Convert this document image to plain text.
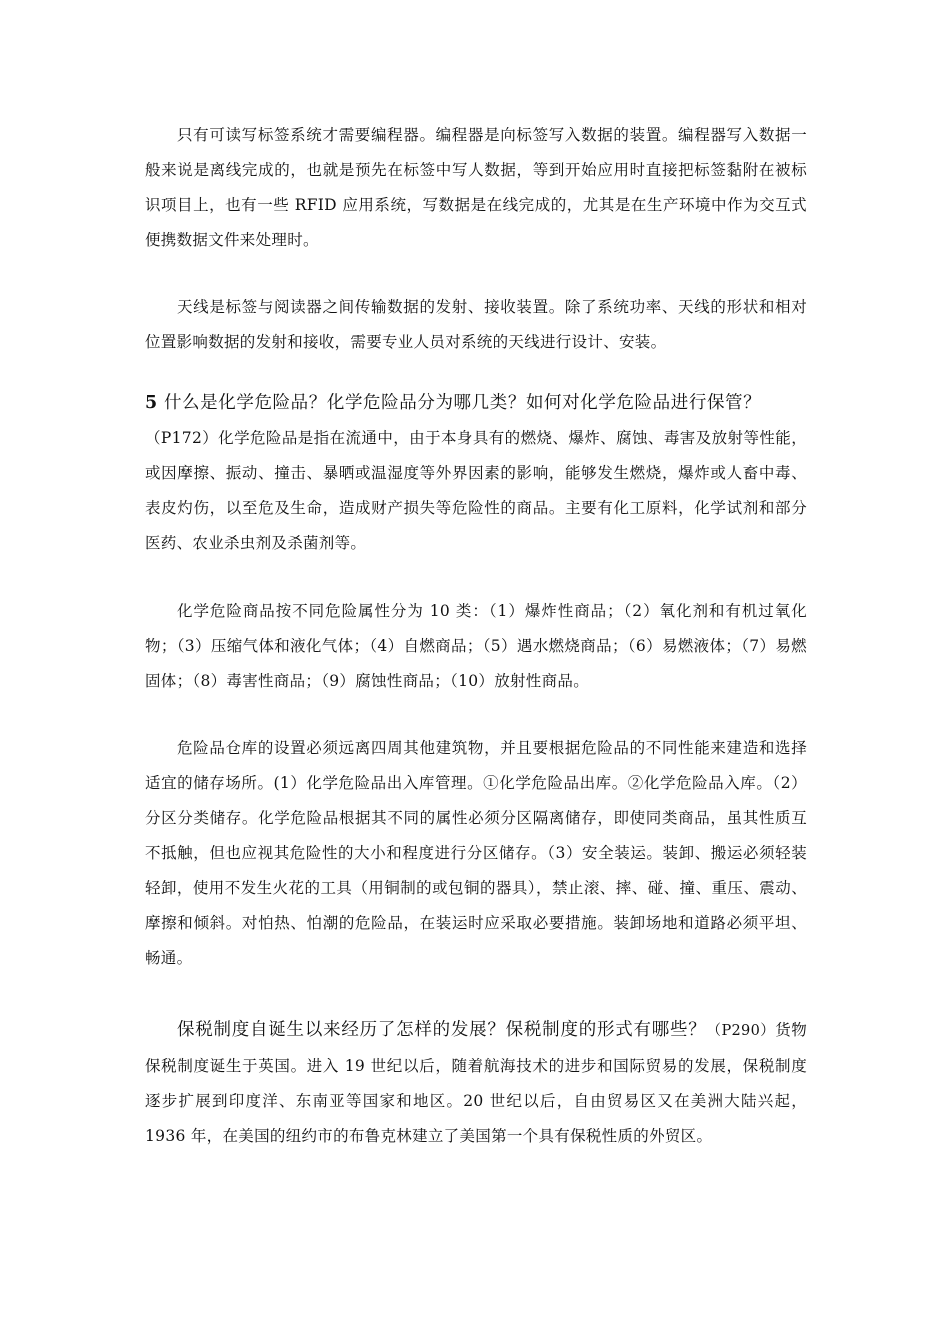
只有可读写标签系统才需要编程器。编程器是向标签写入数据的装置。编程器写入数据一般来说是离线完成的，也就是预先在标签中写人数据，等到开始应用时直接把标签黏附在被标识项目上，也有一些 RFID 应用系统，写数据是在线完成的，尤其是在生产环境中作为交互式便携数据文件来处理时。

天线是标签与阅读器之间传输数据的发射、接收装置。除了系统功率、天线的形状和相对位置影响数据的发射和接收，需要专业人员对系统的天线进行设计、安装。

5 什么是化学危险品？化学危险品分为哪几类？如何对化学危险品进行保管？
（P172）化学危险品是指在流通中，由于本身具有的燃烧、爆炸、腐蚀、毒害及放射等性能，或因摩擦、振动、撞击、暴晒或温湿度等外界因素的影响，能够发生燃烧，爆炸或人畜中毒、表皮灼伤，以至危及生命，造成财产损失等危险性的商品。主要有化工原料，化学试剂和部分医药、农业杀虫剂及杀菌剂等。

化学危险商品按不同危险属性分为 10 类：（1）爆炸性商品；（2）氧化剂和有机过氧化物；（3）压缩气体和液化气体；（4）自燃商品；（5）遇水燃烧商品；（6）易燃液体；（7）易燃固体；（8）毒害性商品；（9）腐蚀性商品；（10）放射性商品。

危险品仓库的设置必须远离四周其他建筑物，并且要根据危险品的不同性能来建造和选择适宜的储存场所。(1）化学危险品出入库管理。①化学危险品出库。②化学危险品入库。（2）分区分类储存。化学危险品根据其不同的属性必须分区隔离储存，即使同类商品，虽其性质互不抵触，但也应视其危险性的大小和程度进行分区储存。（3）安全装运。装卸、搬运必须轻装轻卸，使用不发生火花的工具（用铜制的或包铜的器具），禁止滚、摔、碰、撞、重压、震动、摩擦和倾斜。对怕热、怕潮的危险品，在装运时应采取必要措施。装卸场地和道路必须平坦、畅通。

保税制度自诞生以来经历了怎样的发展？保税制度的形式有哪些？（P290）货物保税制度诞生于英国。进入 19 世纪以后，随着航海技术的进步和国际贸易的发展，保税制度逐步扩展到印度洋、东南亚等国家和地区。20 世纪以后，自由贸易区又在美洲大陆兴起，1936 年，在美国的纽约市的布鲁克林建立了美国第一个具有保税性质的外贸区。
